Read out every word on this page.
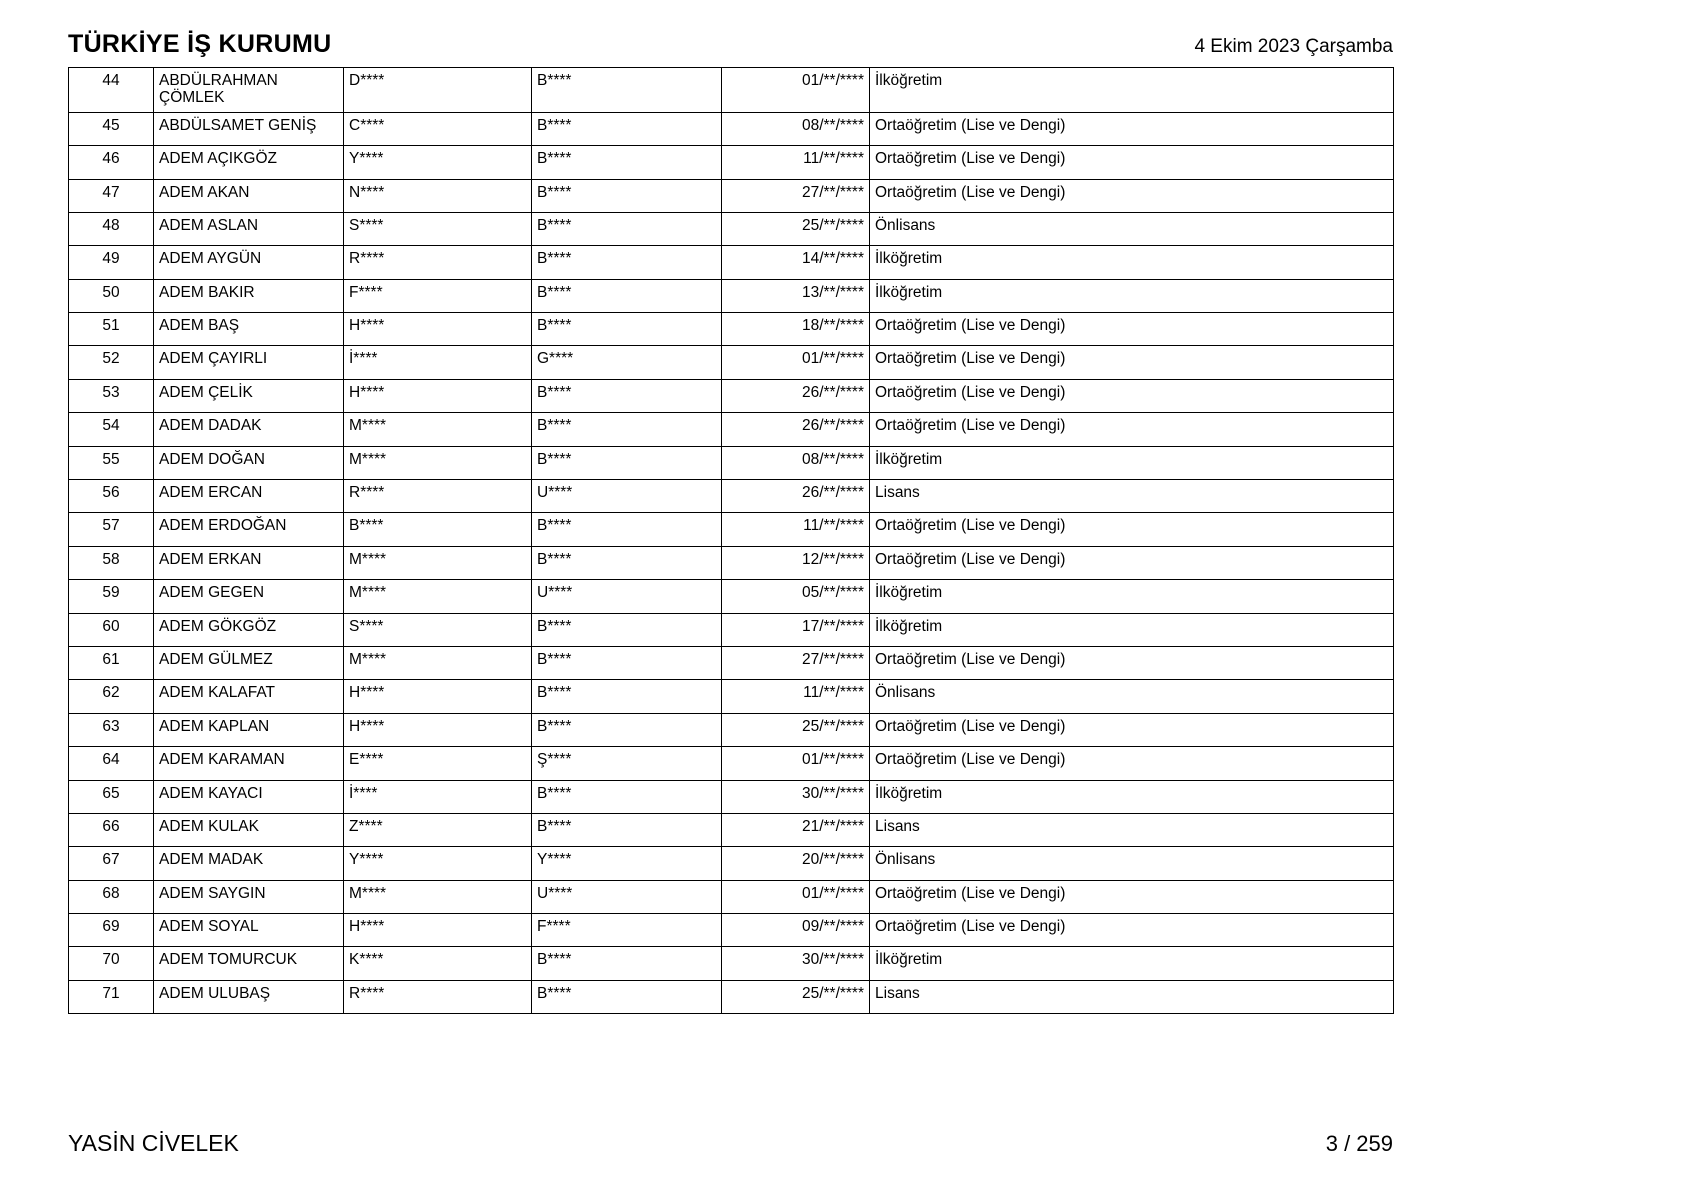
TÜRKİYE İŞ KURUMU	4 Ekim 2023 Çarşamba
44	ABDÜLRAHMAN ÇÖMLEK	D****	B****	01/**/****	İlköğretim
45	ABDÜLSAMET GENİŞ	C****	B****	08/**/****	Ortaöğretim (Lise ve Dengi)
46	ADEM AÇIKGÖZ	Y****	B****	11/**/****	Ortaöğretim (Lise ve Dengi)
47	ADEM AKAN	N****	B****	27/**/****	Ortaöğretim (Lise ve Dengi)
48	ADEM ASLAN	S****	B****	25/**/****	Önlisans
49	ADEM AYGÜN	R****	B****	14/**/****	İlköğretim
50	ADEM BAKIR	F****	B****	13/**/****	İlköğretim
51	ADEM BAŞ	H****	B****	18/**/****	Ortaöğretim (Lise ve Dengi)
52	ADEM ÇAYIRLI	İ****	G****	01/**/****	Ortaöğretim (Lise ve Dengi)
53	ADEM ÇELİK	H****	B****	26/**/****	Ortaöğretim (Lise ve Dengi)
54	ADEM DADAK	M****	B****	26/**/****	Ortaöğretim (Lise ve Dengi)
55	ADEM DOĞAN	M****	B****	08/**/****	İlköğretim
56	ADEM ERCAN	R****	U****	26/**/****	Lisans
57	ADEM ERDOĞAN	B****	B****	11/**/****	Ortaöğretim (Lise ve Dengi)
58	ADEM ERKAN	M****	B****	12/**/****	Ortaöğretim (Lise ve Dengi)
59	ADEM GEGEN	M****	U****	05/**/****	İlköğretim
60	ADEM GÖKGÖZ	S****	B****	17/**/****	İlköğretim
61	ADEM GÜLMEZ	M****	B****	27/**/****	Ortaöğretim (Lise ve Dengi)
62	ADEM KALAFAT	H****	B****	11/**/****	Önlisans
63	ADEM KAPLAN	H****	B****	25/**/****	Ortaöğretim (Lise ve Dengi)
64	ADEM KARAMAN	E****	Ş****	01/**/****	Ortaöğretim (Lise ve Dengi)
65	ADEM KAYACI	İ****	B****	30/**/****	İlköğretim
66	ADEM KULAK	Z****	B****	21/**/****	Lisans
67	ADEM MADAK	Y****	Y****	20/**/****	Önlisans
68	ADEM SAYGIN	M****	U****	01/**/****	Ortaöğretim (Lise ve Dengi)
69	ADEM SOYAL	H****	F****	09/**/****	Ortaöğretim (Lise ve Dengi)
70	ADEM TOMURCUK	K****	B****	30/**/****	İlköğretim
71	ADEM ULUBAŞ	R****	B****	25/**/****	Lisans
YASİN CİVELEK	3 / 259
